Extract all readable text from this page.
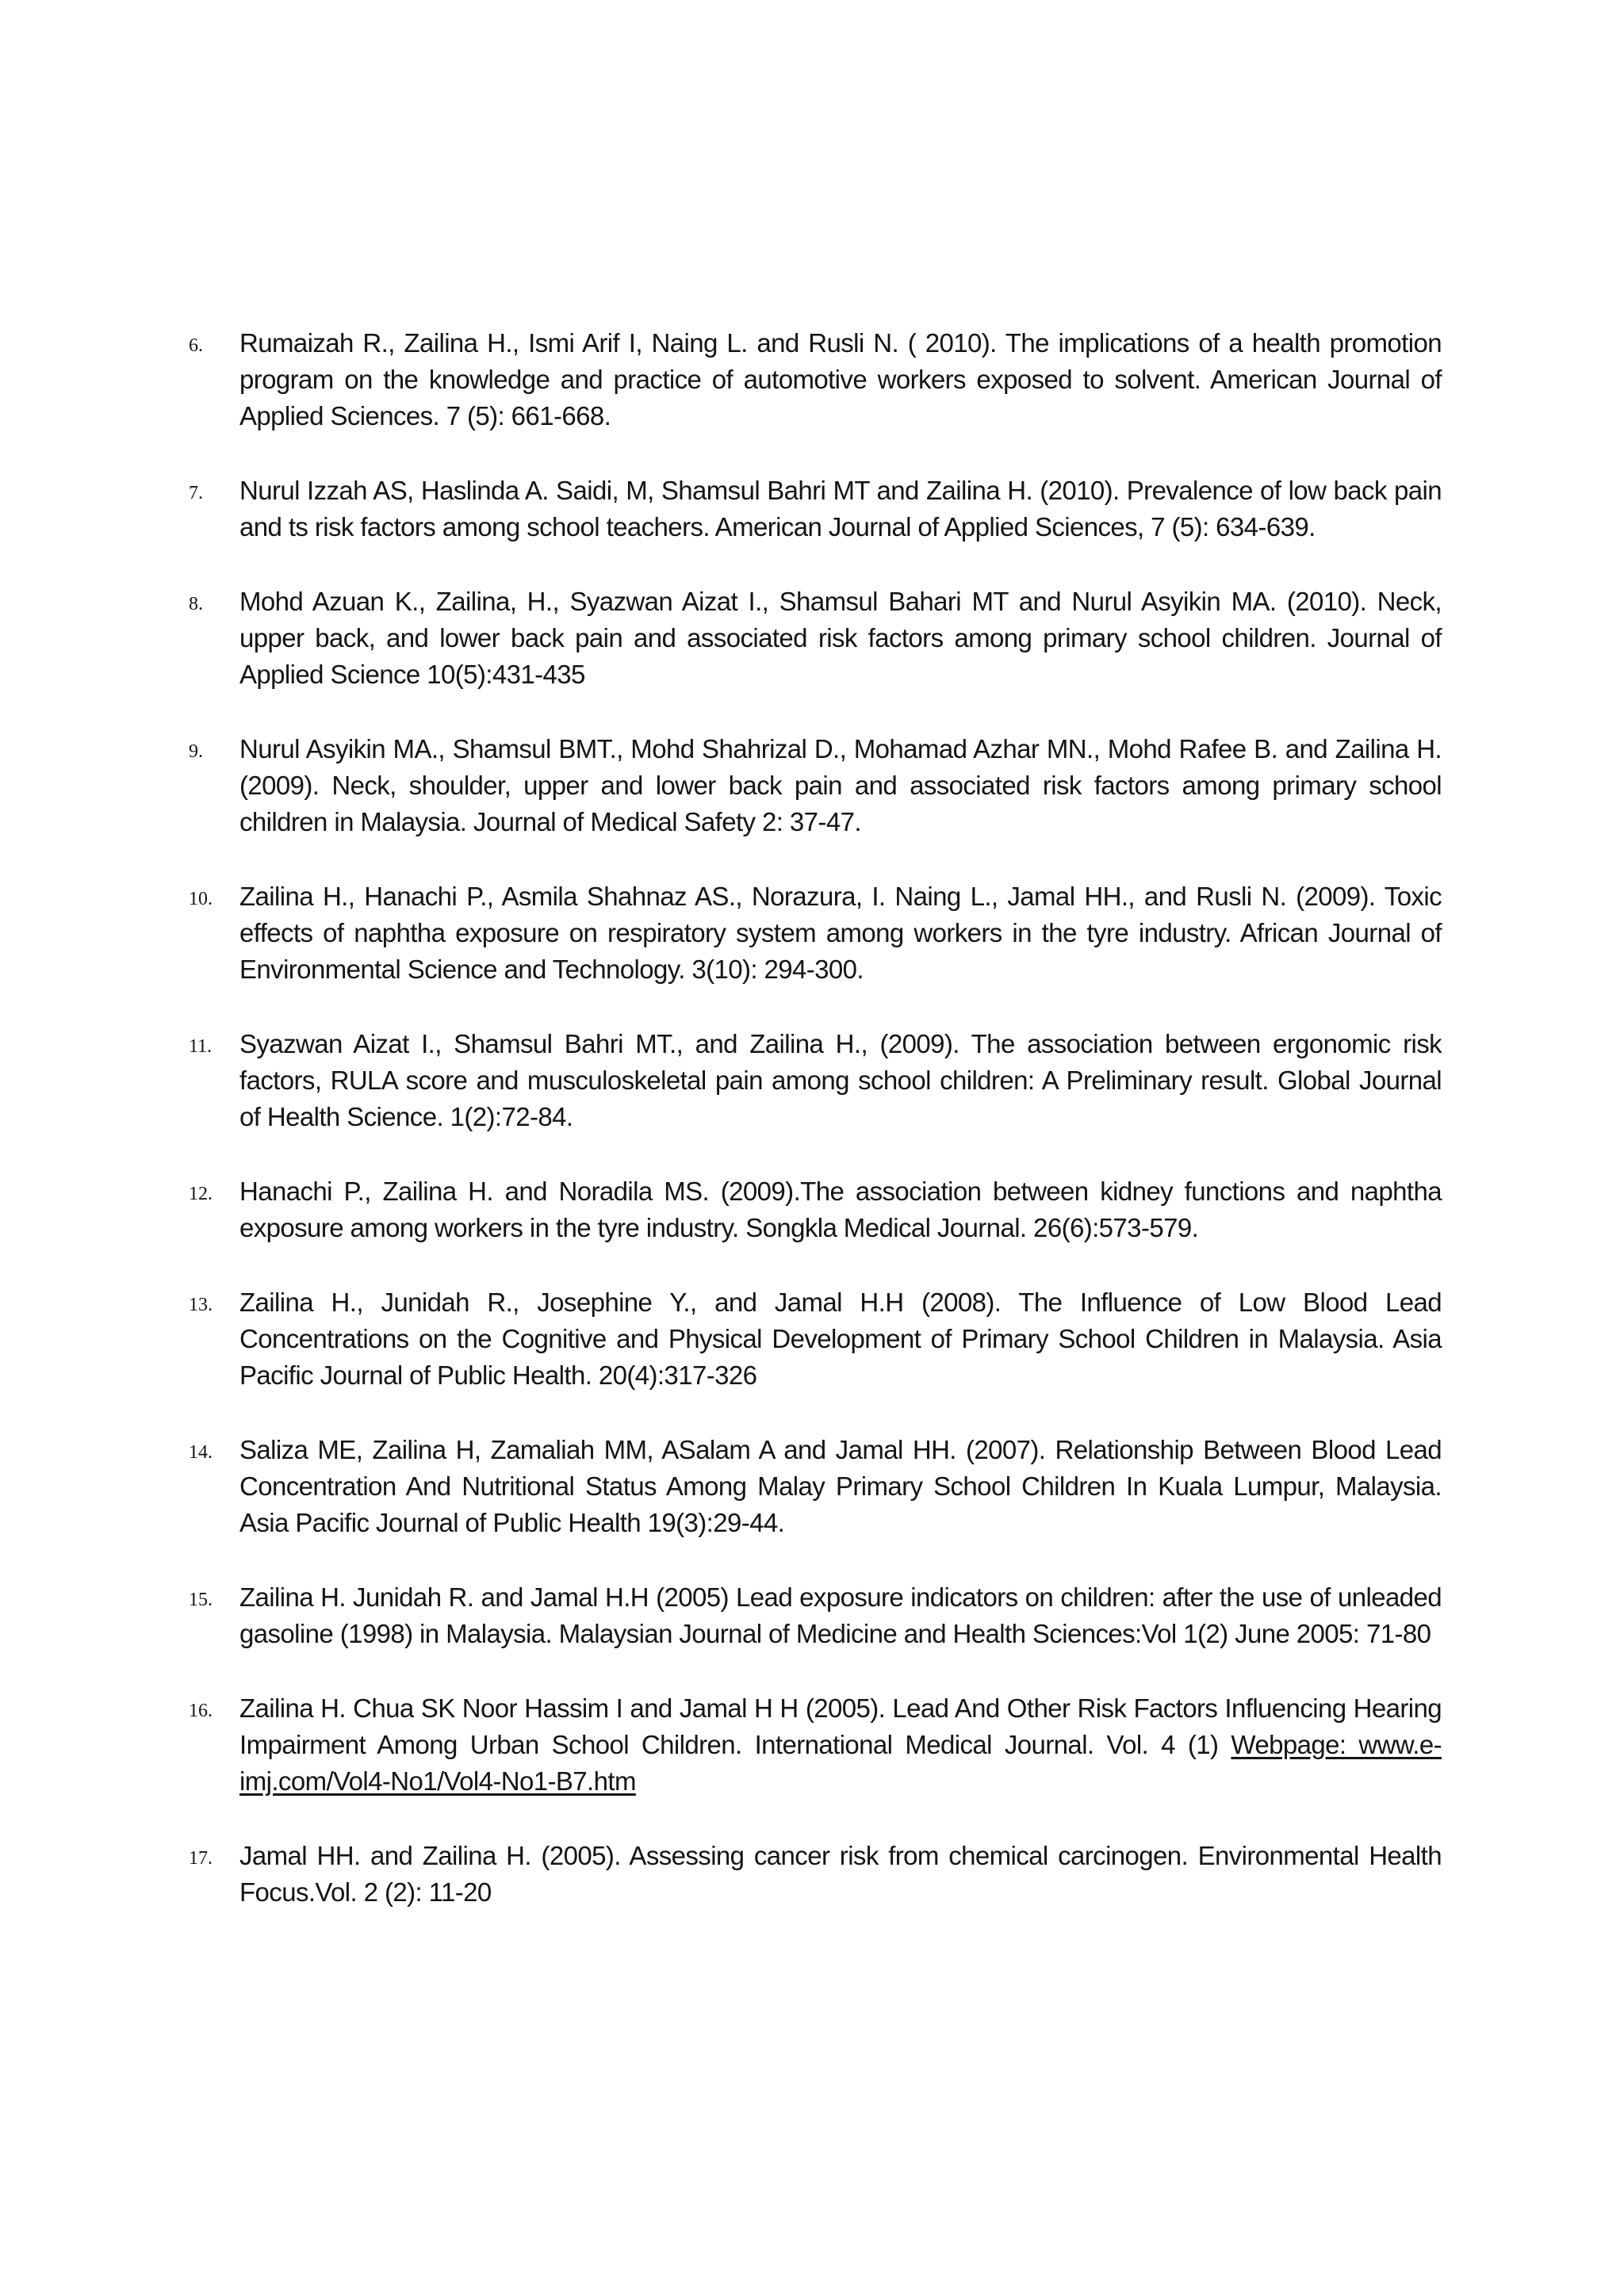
6. Rumaizah R., Zailina H., Ismi Arif I, Naing L. and Rusli N. ( 2010). The implications of a health promotion program on the knowledge and practice of automotive workers exposed to solvent. American Journal of Applied Sciences. 7 (5): 661-668.
7. Nurul Izzah AS, Haslinda A. Saidi, M, Shamsul Bahri MT and Zailina H. (2010). Prevalence of low back pain and ts risk factors among school teachers. American Journal of Applied Sciences, 7 (5): 634-639.
8. Mohd Azuan K., Zailina, H., Syazwan Aizat I., Shamsul Bahari MT and Nurul Asyikin MA. (2010). Neck, upper back, and lower back pain and associated risk factors among primary school children. Journal of Applied Science 10(5):431-435
9. Nurul Asyikin MA., Shamsul BMT., Mohd Shahrizal D., Mohamad Azhar MN., Mohd Rafee B. and Zailina H. (2009). Neck, shoulder, upper and lower back pain and associated risk factors among primary school children in Malaysia. Journal of Medical Safety 2: 37-47.
10. Zailina H., Hanachi P., Asmila Shahnaz AS., Norazura, I. Naing L., Jamal HH., and Rusli N. (2009). Toxic effects of naphtha exposure on respiratory system among workers in the tyre industry. African Journal of Environmental Science and Technology. 3(10): 294-300.
11. Syazwan Aizat I., Shamsul Bahri MT., and Zailina H., (2009). The association between ergonomic risk factors, RULA score and musculoskeletal pain among school children: A Preliminary result. Global Journal of Health Science. 1(2):72-84.
12. Hanachi P., Zailina H. and Noradila MS. (2009).The association between kidney functions and naphtha exposure among workers in the tyre industry. Songkla Medical Journal. 26(6):573-579.
13. Zailina H., Junidah R., Josephine Y., and Jamal H.H (2008). The Influence of Low Blood Lead Concentrations on the Cognitive and Physical Development of Primary School Children in Malaysia. Asia Pacific Journal of Public Health. 20(4):317-326
14. Saliza ME, Zailina H, Zamaliah MM, ASalam A and Jamal HH. (2007). Relationship Between Blood Lead Concentration And Nutritional Status Among Malay Primary School Children In Kuala Lumpur, Malaysia. Asia Pacific Journal of Public Health 19(3):29-44.
15. Zailina H. Junidah R. and Jamal H.H (2005) Lead exposure indicators on children: after the use of unleaded gasoline (1998) in Malaysia. Malaysian Journal of Medicine and Health Sciences:Vol 1(2) June 2005: 71-80
16. Zailina H. Chua SK Noor Hassim I and Jamal H H (2005). Lead And Other Risk Factors Influencing Hearing Impairment Among Urban School Children. International Medical Journal. Vol. 4 (1) Webpage: www.e-imj.com/Vol4-No1/Vol4-No1-B7.htm
17. Jamal HH. and Zailina H. (2005). Assessing cancer risk from chemical carcinogen. Environmental Health Focus.Vol. 2 (2): 11-20
